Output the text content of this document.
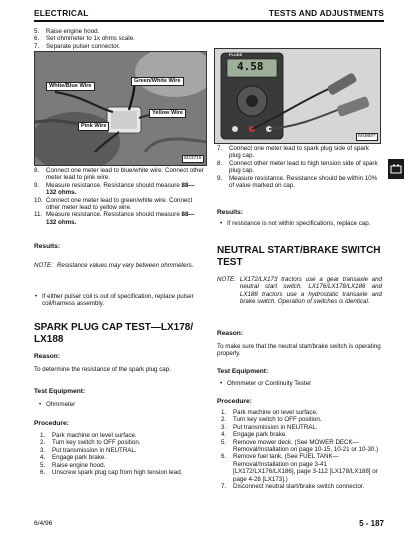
ELECTRICAL	TESTS AND ADJUSTMENTS
5. Raise engine hood.
6. Set ohmmeter to 1x ohms scale.
7. Separate pulser connector.
White/Blue Wire
Green/White Wire
Yellow Wire
Pink Wire
M43715
8. Connect one meter lead to blue/white wire. Connect other meter lead to pink wire.
9. Measure resistance. Resistance should measure 88—132 ohms.
10. Connect one meter lead to green/white wire. Connect other meter lead to yellow wire.
11. Measure resistance. Resistance should measure 88—132 ohms.
Results:
NOTE:	Resistance values may vary between ohmmeters.
• If either pulser coil is out of specification, replace pulser coil/harness assembly.
SPARK PLUG CAP TEST—LX178/ LX188
Reason:
To determine the resistance of the spark plug cap.
Test Equipment:
• Ohmmeter
Procedure:
1. Park machine on level surface.
2. Turn key switch to OFF position.
3. Put transmission in NEUTRAL.
4. Engage park brake.
5. Raise engine hood.
6. Unscrew spark plug cap from high tension lead.
FLUKE
4.58
M49697
7. Connect one meter lead to spark plug side of spark plug cap.
8. Connect other meter lead to high tension side of spark plug cap.
9. Measure resistance. Resistance should be within 10% of value marked on cap.
Results:
• If resistance is not within specifications, replace cap.
NEUTRAL START/BRAKE SWITCH TEST
NOTE:	LX172/LX173 tractors use a gear transaxle and neutral start switch. LX176/LX178/LX186 and LX188 tractors use a hydrostatic transaxle and brake switch. Operation of switches is identical.
Reason:
To make sure that the neutral start/brake switch is operating properly.
Test Equipment:
• Ohmmeter or Continuity Tester
Procedure:
1. Park machine on level surface.
2. Turn key switch to OFF position.
3. Put transmission in NEUTRAL.
4. Engage park brake.
5. Remove mower deck. (See MOWER DECK—Removal/Installation on page 10-15, 10-21 or 10-30.)
6. Remove fuel tank. (See FUEL TANK—Removal/Installation on page 3-41 [LX172/LX176/LX186], page 3-112 [LX178/LX188] or page 4-28 [LX173].)
7. Disconnect neutral start/brake switch connector.
6/4/96	5 - 187
